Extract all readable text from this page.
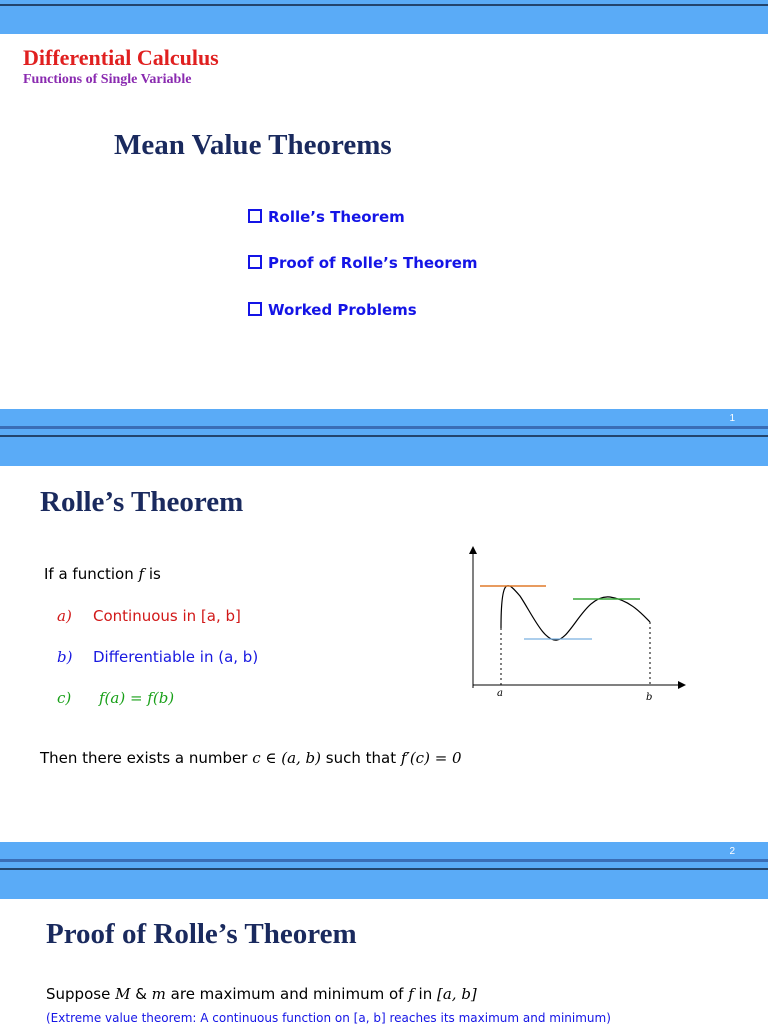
Differential Calculus
Functions of Single Variable
Mean Value Theorems
Rolle’s Theorem
Proof of Rolle’s Theorem
Worked Problems
1
Rolle’s Theorem
If a function f is
a) Continuous in [a, b]
b) Differentiable in (a, b)
c) f(a) = f(b)
Then there exists a number c ∈ (a, b) such that f′(c) = 0
a	b
2
Proof of Rolle’s Theorem
Suppose M & m are maximum and minimum of f in [a, b]
(Extreme value theorem: A continuous function on [a, b] reaches its maximum and minimum)
